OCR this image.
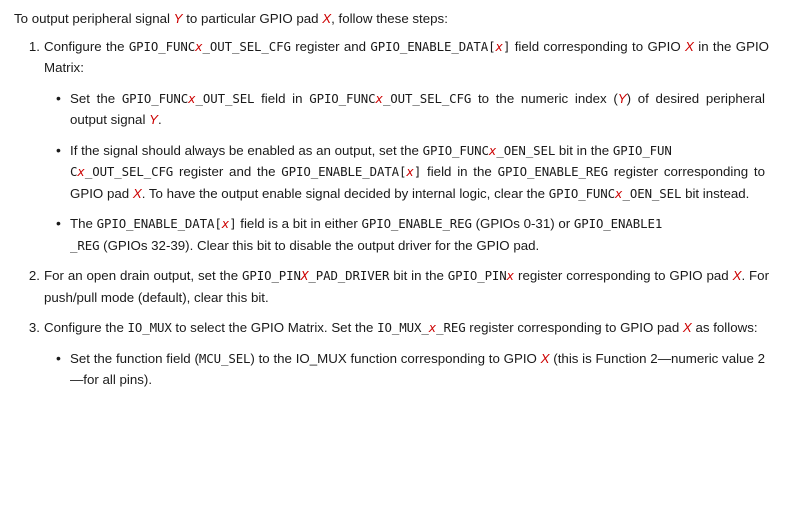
To output peripheral signal Y to particular GPIO pad X, follow these steps:

1. Configure the GPIO_FUNCx_OUT_SEL_CFG register and GPIO_ENABLE_DATA[x] field corresponding to GPIO X in the GPIO Matrix:
• Set the GPIO_FUNCx_OUT_SEL field in GPIO_FUNCx_OUT_SEL_CFG to the numeric index (Y) of desired peripheral output signal Y.
• If the signal should always be enabled as an output, set the GPIO_FUNCx_OEN_SEL bit in the GPIO_FUN
Cx_OUT_SEL_CFG register and the GPIO_ENABLE_DATA[x] field in the GPIO_ENABLE_REG register corresponding to GPIO pad X. To have the output enable signal decided by internal logic, clear the GPIO_FUNCx_OEN_SEL bit instead.
• The GPIO_ENABLE_DATA[x] field is a bit in either GPIO_ENABLE_REG (GPIOs 0-31) or GPIO_ENABLE1
_REG (GPIOs 32-39). Clear this bit to disable the output driver for the GPIO pad.
2. For an open drain output, set the GPIO_PINX_PAD_DRIVER bit in the GPIO_PINx register corresponding to GPIO pad X. For push/pull mode (default), clear this bit.
3. Configure the IO_MUX to select the GPIO Matrix. Set the IO_MUX_x_REG register corresponding to GPIO pad X as follows:
• Set the function field (MCU_SEL) to the IO_MUX function corresponding to GPIO X (this is Function 2—numeric value 2—for all pins).
